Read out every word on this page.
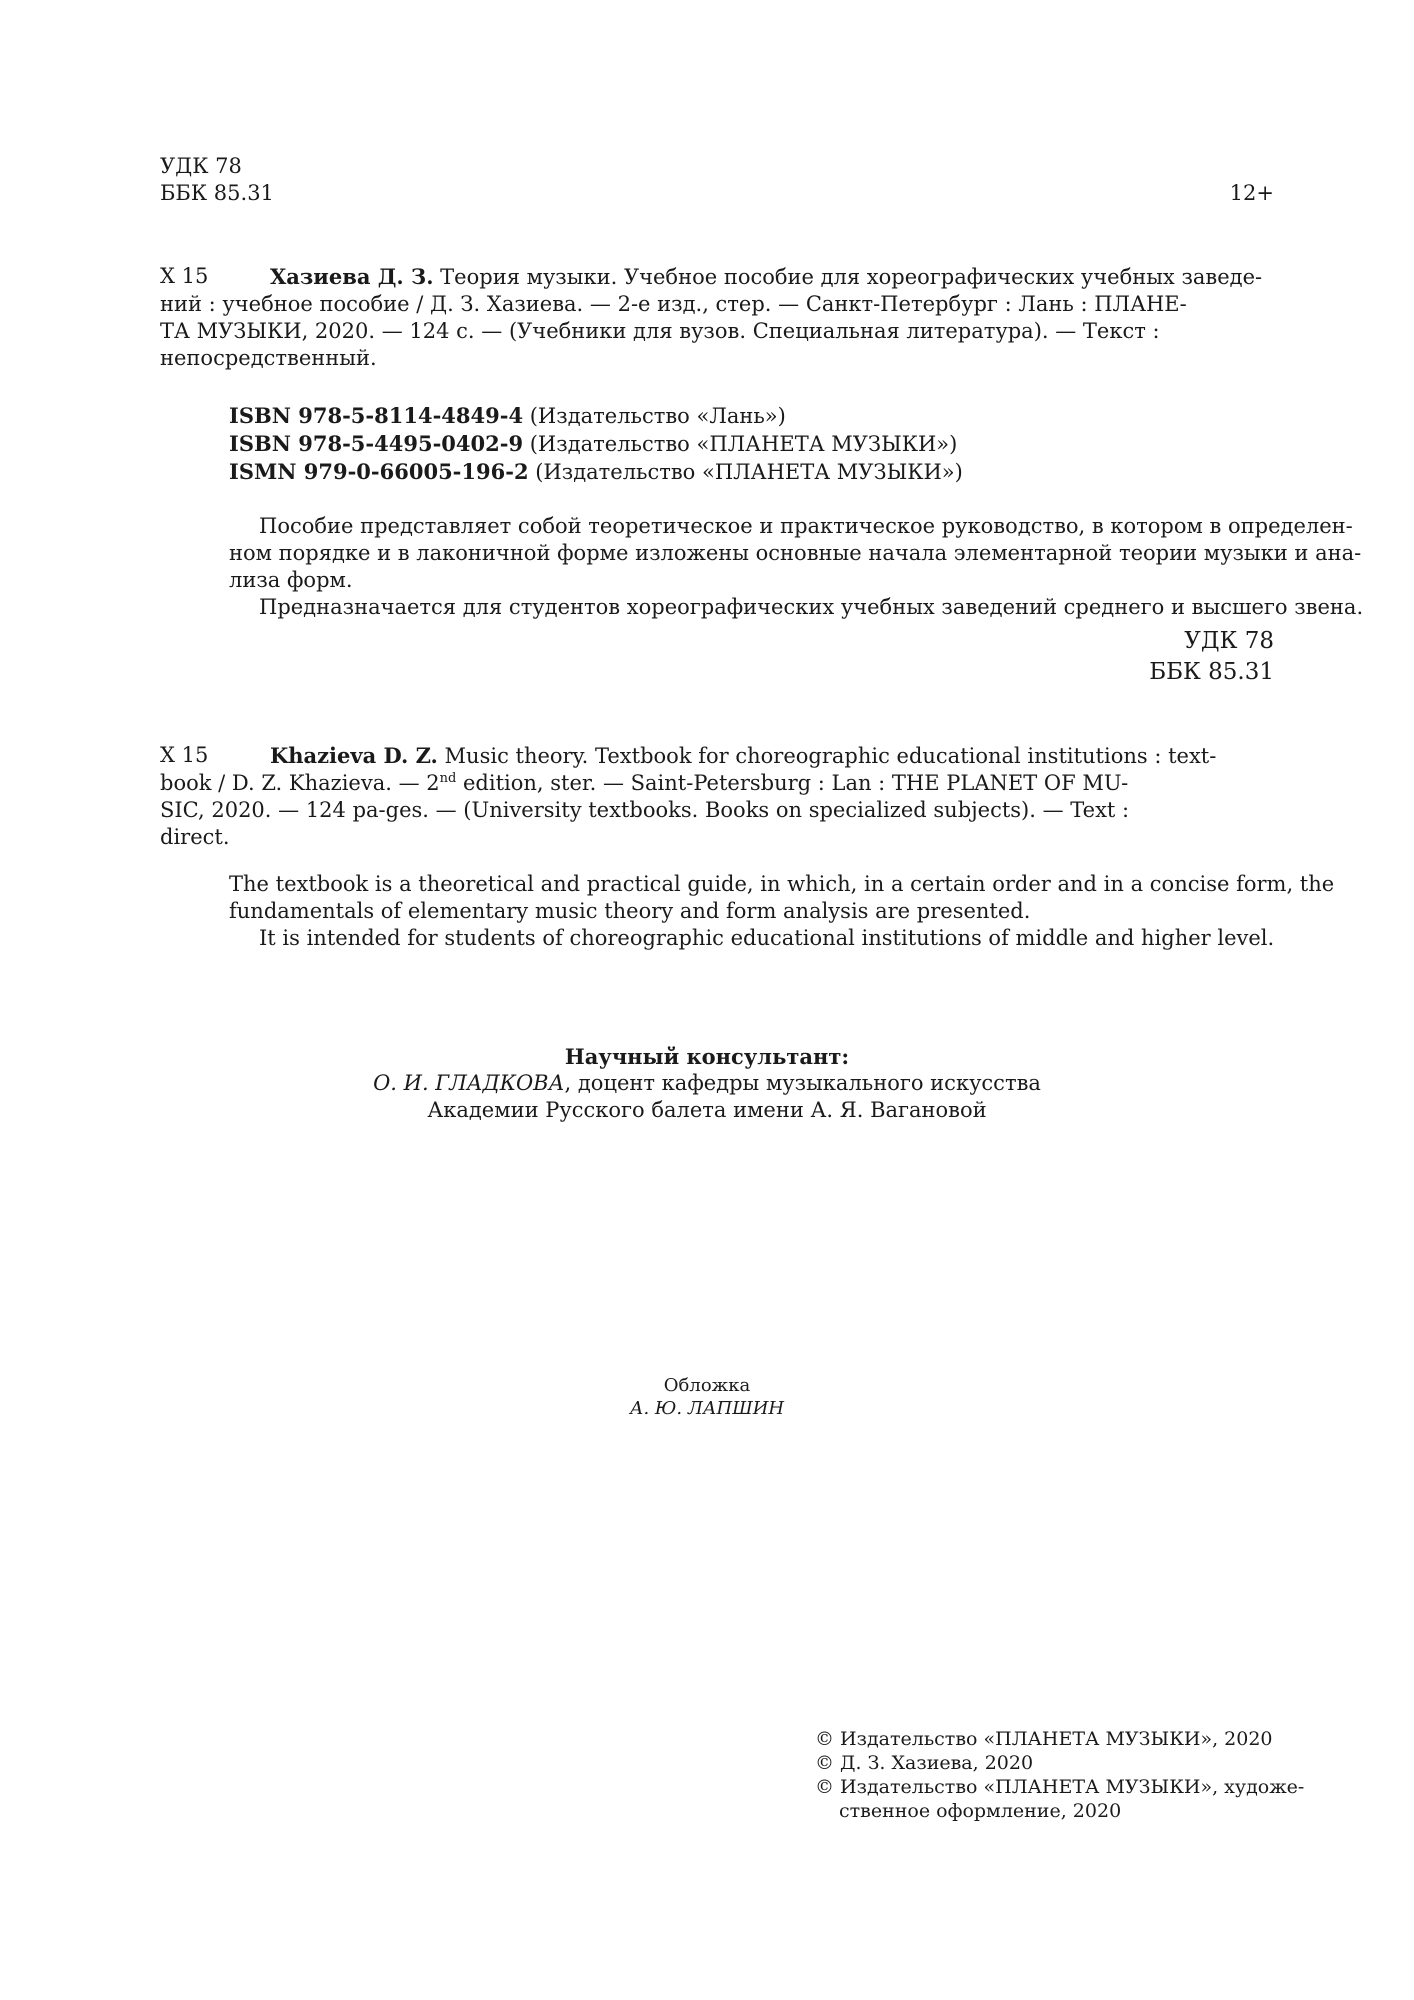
УДК 78
ББК 85.31	12+
Х 15	Хазиева Д. З. Теория музыки. Учебное пособие для хореографических учебных заведе-
ний : учебное пособие / Д. З. Хазиева. — 2-е изд., стер. — Санкт-Петербург : Лань : ПЛАНЕ-
ТА МУЗЫКИ, 2020. — 124 с. — (Учебники для вузов. Специальная литература). — Текст :
непосредственный.
ISBN 978-5-8114-4849-4 (Издательство «Лань»)
ISBN 978-5-4495-0402-9 (Издательство «ПЛАНЕТА МУЗЫКИ»)
ISMN 979-0-66005-196-2 (Издательство «ПЛАНЕТА МУЗЫКИ»)
Пособие представляет собой теоретическое и практическое руководство, в котором в определен-
ном порядке и в лаконичной форме изложены основные начала элементарной теории музыки и ана-
лиза форм.
Предназначается для студентов хореографических учебных заведений среднего и высшего звена.
УДК 78
ББК 85.31
Х 15	Khazieva D. Z. Music theory. Textbook for choreographic educational institutions : text-
book / D. Z. Khazieva. — 2nd edition, ster. — Saint-Petersburg : Lan : THE PLANET OF MU-
SIC, 2020. — 124 pa-ges. — (University textbooks. Books on specialized subjects). — Text :
direct.
The textbook is a theoretical and practical guide, in which, in a certain order and in a concise form, the
fundamentals of elementary music theory and form analysis are presented.
It is intended for students of choreographic educational institutions of middle and higher level.
Научный консультант:
О. И. ГЛАДКОВА, доцент кафедры музыкального искусства
Академии Русского балета имени А. Я. Вагановой
Обложка
А. Ю. ЛАПШИН
© Издательство «ПЛАНЕТА МУЗЫКИ», 2020
© Д. З. Хазиева, 2020
© Издательство «ПЛАНЕТА МУЗЫКИ», художе-
ственное оформление, 2020
